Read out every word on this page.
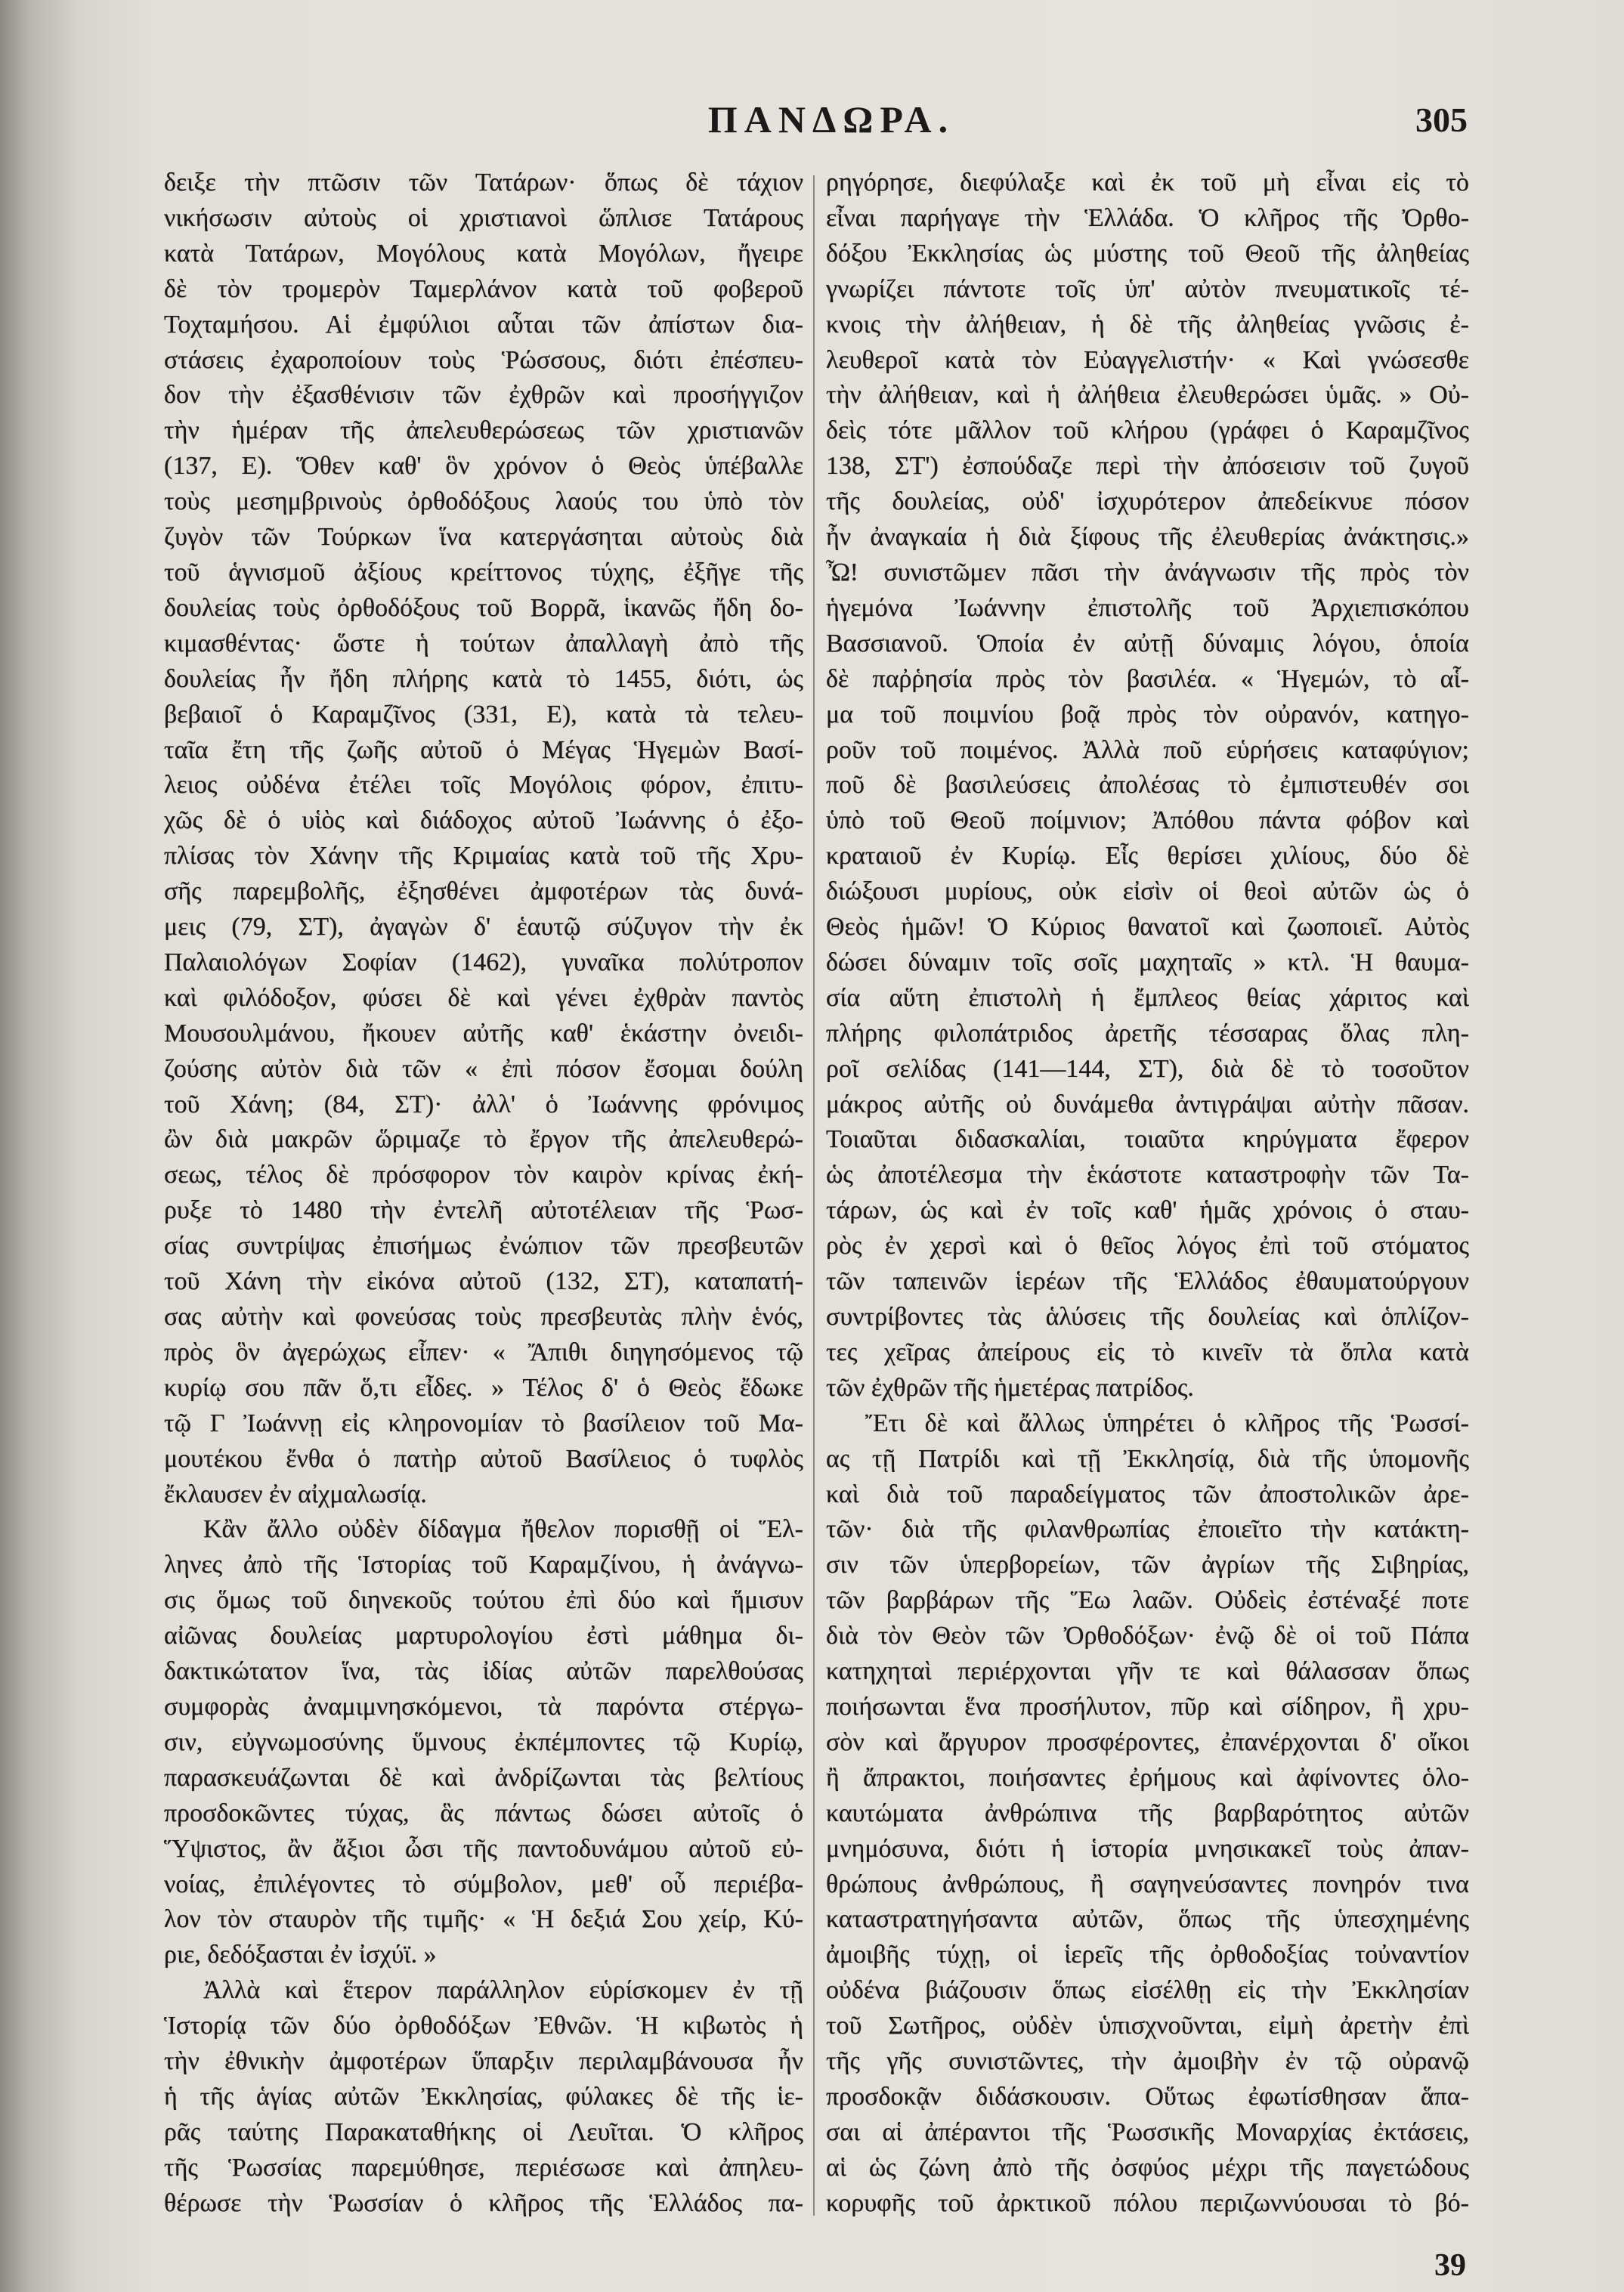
ΠΑΝΔΩΡΑ.	305
δειξε τὴν πτῶσιν τῶν Τατάρων· ὅπως δὲ τάχιον
νικήσωσιν αὐτοὺς οἱ χριστιανοὶ ὥπλισε Τατάρους
κατὰ Τατάρων, Μογόλους κατὰ Μογόλων, ἤγειρε
δὲ τὸν τρομερὸν Ταμερλάνον κατὰ τοῦ φοβεροῦ
Τοχταμήσου. Αἱ ἐμφύλιοι αὗται τῶν ἀπίστων δια-
στάσεις ἐχαροποίουν τοὺς Ῥώσσους, διότι ἐπέσπευ-
δον τὴν ἐξασθένισιν τῶν ἐχθρῶν καὶ προσήγγιζον
τὴν ἡμέραν τῆς ἀπελευθερώσεως τῶν χριστιανῶν
(137, Ε). Ὅθεν καθ' ὃν χρόνον ὁ Θεὸς ὑπέβαλλε
τοὺς μεσημβρινοὺς ὀρθοδόξους λαούς του ὑπὸ τὸν
ζυγὸν τῶν Τούρκων ἵνα κατεργάσηται αὐτοὺς διὰ
τοῦ ἁγνισμοῦ ἀξίους κρείττονος τύχης, ἐξῆγε τῆς
δουλείας τοὺς ὀρθοδόξους τοῦ Βορρᾶ, ἱκανῶς ἤδη δο-
κιμασθέντας· ὥστε ἡ τούτων ἀπαλλαγὴ ἀπὸ τῆς
δουλείας ἦν ἤδη πλήρης κατὰ τὸ 1455, διότι, ὡς
βεβαιοῖ ὁ Καραμζῖνος (331, Ε), κατὰ τὰ τελευ-
ταῖα ἔτη τῆς ζωῆς αὐτοῦ ὁ Μέγας Ἡγεμὼν Βασί-
λειος οὐδένα ἐτέλει τοῖς Μογόλοις φόρον, ἐπιτυ-
χῶς δὲ ὁ υἱὸς καὶ διάδοχος αὐτοῦ Ἰωάννης ὁ ἐξο-
πλίσας τὸν Χάνην τῆς Κριμαίας κατὰ τοῦ τῆς Χρυ-
σῆς παρεμβολῆς, ἐξησθένει ἀμφοτέρων τὰς δυνά-
μεις (79, ΣΤ), ἀγαγὼν δ' ἑαυτῷ σύζυγον τὴν ἐκ
Παλαιολόγων Σοφίαν (1462), γυναῖκα πολύτροπον
καὶ φιλόδοξον, φύσει δὲ καὶ γένει ἐχθρὰν παντὸς
Μουσουλμάνου, ἤκουεν αὐτῆς καθ' ἑκάστην ὀνειδι-
ζούσης αὐτὸν διὰ τῶν « ἐπὶ πόσον ἔσομαι δούλη
τοῦ Χάνη; (84, ΣΤ)· ἀλλ' ὁ Ἰωάννης φρόνιμος
ὢν διὰ μακρῶν ὥριμαζε τὸ ἔργον τῆς ἀπελευθερώ-
σεως, τέλος δὲ πρόσφορον τὸν καιρὸν κρίνας ἐκή-
ρυξε τὸ 1480 τὴν ἐντελῆ αὐτοτέλειαν τῆς Ῥωσ-
σίας συντρίψας ἐπισήμως ἐνώπιον τῶν πρεσβευτῶν
τοῦ Χάνη τὴν εἰκόνα αὐτοῦ (132, ΣΤ), καταπατή-
σας αὐτὴν καὶ φονεύσας τοὺς πρεσβευτὰς πλὴν ἑνός,
πρὸς ὃν ἀγερώχως εἶπεν· « Ἄπιθι διηγησόμενος τῷ
κυρίῳ σου πᾶν ὅ,τι εἶδες. » Τέλος δ' ὁ Θεὸς ἔδωκε
τῷ Γ Ἰωάννῃ εἰς κληρονομίαν τὸ βασίλειον τοῦ Μα-
μουτέκου ἔνθα ὁ πατὴρ αὐτοῦ Βασίλειος ὁ τυφλὸς
ἔκλαυσεν ἐν αἰχμαλωσίᾳ.
Κἂν ἄλλο οὐδὲν δίδαγμα ἤθελον πορισθῇ οἱ Ἕλ-
ληνες ἀπὸ τῆς Ἱστορίας τοῦ Καραμζίνου, ἡ ἀνάγνω-
σις ὅμως τοῦ διηνεκοῦς τούτου ἐπὶ δύο καὶ ἥμισυν
αἰῶνας δουλείας μαρτυρολογίου ἐστὶ μάθημα δι-
δακτικώτατον ἵνα, τὰς ἰδίας αὐτῶν παρελθούσας
συμφορὰς ἀναμιμνησκόμενοι, τὰ παρόντα στέργω-
σιν, εὐγνωμοσύνης ὕμνους ἐκπέμποντες τῷ Κυρίῳ,
παρασκευάζωνται δὲ καὶ ἀνδρίζωνται τὰς βελτίους
προσδοκῶντες τύχας, ἃς πάντως δώσει αὐτοῖς ὁ
Ὕψιστος, ἂν ἄξιοι ὦσι τῆς παντοδυνάμου αὐτοῦ εὐ-
νοίας, ἐπιλέγοντες τὸ σύμβολον, μεθ' οὗ περιέβα-
λον τὸν σταυρὸν τῆς τιμῆς· « Ἡ δεξιά Σου χείρ, Κύ-
ριε, δεδόξασται ἐν ἰσχύϊ. »
Ἀλλὰ καὶ ἕτερον παράλληλον εὑρίσκομεν ἐν τῇ
Ἱστορίᾳ τῶν δύο ὀρθοδόξων Ἐθνῶν. Ἡ κιβωτὸς ἡ
τὴν ἐθνικὴν ἀμφοτέρων ὕπαρξιν περιλαμβάνουσα ἦν
ἡ τῆς ἁγίας αὐτῶν Ἐκκλησίας, φύλακες δὲ τῆς ἱε-
ρᾶς ταύτης Παρακαταθήκης οἱ Λευῖται. Ὁ κλῆρος
τῆς Ῥωσσίας παρεμύθησε, περιέσωσε καὶ ἀπηλευ-
θέρωσε τὴν Ῥωσσίαν ὁ κλῆρος τῆς Ἑλλάδος πα-
ρηγόρησε, διεφύλαξε καὶ ἐκ τοῦ μὴ εἶναι εἰς τὸ
εἶναι παρήγαγε τὴν Ἑλλάδα. Ὁ κλῆρος τῆς Ὀρθο-
δόξου Ἐκκλησίας ὡς μύστης τοῦ Θεοῦ τῆς ἀληθείας
γνωρίζει πάντοτε τοῖς ὑπ' αὐτὸν πνευματικοῖς τέ-
κνοις τὴν ἀλήθειαν, ἡ δὲ τῆς ἀληθείας γνῶσις ἐ-
λευθεροῖ κατὰ τὸν Εὐαγγελιστήν· « Καὶ γνώσεσθε
τὴν ἀλήθειαν, καὶ ἡ ἀλήθεια ἐλευθερώσει ὑμᾶς. » Οὐ-
δεὶς τότε μᾶλλον τοῦ κλήρου (γράφει ὁ Καραμζῖνος
138, ΣΤ') ἐσπούδαζε περὶ τὴν ἀπόσεισιν τοῦ ζυγοῦ
τῆς δουλείας, οὐδ' ἰσχυρότερον ἀπεδείκνυε πόσον
ἦν ἀναγκαία ἡ διὰ ξίφους τῆς ἐλευθερίας ἀνάκτησις.»
Ὦ! συνιστῶμεν πᾶσι τὴν ἀνάγνωσιν τῆς πρὸς τὸν
ἡγεμόνα Ἰωάννην ἐπιστολῆς τοῦ Ἀρχιεπισκόπου
Βασσιανοῦ. Ὁποία ἐν αὐτῇ δύναμις λόγου, ὁποία
δὲ παῤῥησία πρὸς τὸν βασιλέα. « Ἡγεμών, τὸ αἷ-
μα τοῦ ποιμνίου βοᾷ πρὸς τὸν οὐρανόν, κατηγο-
ροῦν τοῦ ποιμένος. Ἀλλὰ ποῦ εὑρήσεις καταφύγιον;
ποῦ δὲ βασιλεύσεις ἀπολέσας τὸ ἐμπιστευθέν σοι
ὑπὸ τοῦ Θεοῦ ποίμνιον; Ἀπόθου πάντα φόβον καὶ
κραταιοῦ ἐν Κυρίῳ. Εἷς θερίσει χιλίους, δύο δὲ
διώξουσι μυρίους, οὐκ εἰσὶν οἱ θεοὶ αὐτῶν ὡς ὁ
Θεὸς ἡμῶν! Ὁ Κύριος θανατοῖ καὶ ζωοποιεῖ. Αὐτὸς
δώσει δύναμιν τοῖς σοῖς μαχηταῖς » κτλ. Ἡ θαυμα-
σία αὕτη ἐπιστολὴ ἡ ἔμπλεος θείας χάριτος καὶ
πλήρης φιλοπάτριδος ἀρετῆς τέσσαρας ὅλας πλη-
ροῖ σελίδας (141—144, ΣΤ), διὰ δὲ τὸ τοσοῦτον
μάκρος αὐτῆς οὐ δυνάμεθα ἀντιγράψαι αὐτὴν πᾶσαν.
Τοιαῦται διδασκαλίαι, τοιαῦτα κηρύγματα ἔφερον
ὡς ἀποτέλεσμα τὴν ἑκάστοτε καταστροφὴν τῶν Τα-
τάρων, ὡς καὶ ἐν τοῖς καθ' ἡμᾶς χρόνοις ὁ σταυ-
ρὸς ἐν χερσὶ καὶ ὁ θεῖος λόγος ἐπὶ τοῦ στόματος
τῶν ταπεινῶν ἱερέων τῆς Ἑλλάδος ἐθαυματούργουν
συντρίβοντες τὰς ἁλύσεις τῆς δουλείας καὶ ὁπλίζον-
τες χεῖρας ἀπείρους εἰς τὸ κινεῖν τὰ ὅπλα κατὰ
τῶν ἐχθρῶν τῆς ἡμετέρας πατρίδος.
Ἔτι δὲ καὶ ἄλλως ὑπηρέτει ὁ κλῆρος τῆς Ῥωσσί-
ας τῇ Πατρίδι καὶ τῇ Ἐκκλησίᾳ, διὰ τῆς ὑπομονῆς
καὶ διὰ τοῦ παραδείγματος τῶν ἀποστολικῶν ἀρε-
τῶν· διὰ τῆς φιλανθρωπίας ἐποιεῖτο τὴν κατάκτη-
σιν τῶν ὑπερβορείων, τῶν ἀγρίων τῆς Σιβηρίας,
τῶν βαρβάρων τῆς Ἕω λαῶν. Οὐδεὶς ἐστέναξέ ποτε
διὰ τὸν Θεὸν τῶν Ὀρθοδόξων· ἐνῷ δὲ οἱ τοῦ Πάπα
κατηχηταὶ περιέρχονται γῆν τε καὶ θάλασσαν ὅπως
ποιήσωνται ἕνα προσήλυτον, πῦρ καὶ σίδηρον, ἢ χρυ-
σὸν καὶ ἄργυρον προσφέροντες, ἐπανέρχονται δ' οἴκοι
ἢ ἄπρακτοι, ποιήσαντες ἐρήμους καὶ ἀφίνοντες ὁλο-
καυτώματα ἀνθρώπινα τῆς βαρβαρότητος αὐτῶν
μνημόσυνα, διότι ἡ ἱστορία μνησικακεῖ τοὺς ἀπαν-
θρώπους ἀνθρώπους, ἢ σαγηνεύσαντες πονηρόν τινα
καταστρατηγήσαντα αὐτῶν, ὅπως τῆς ὑπεσχημένης
ἀμοιβῆς τύχῃ, οἱ ἱερεῖς τῆς ὀρθοδοξίας τοὐναντίον
οὐδένα βιάζουσιν ὅπως εἰσέλθῃ εἰς τὴν Ἐκκλησίαν
τοῦ Σωτῆρος, οὐδὲν ὑπισχνοῦνται, εἰμὴ ἀρετὴν ἐπὶ
τῆς γῆς συνιστῶντες, τὴν ἀμοιβὴν ἐν τῷ οὐρανῷ
προσδοκᾷν διδάσκουσιν. Οὕτως ἐφωτίσθησαν ἅπα-
σαι αἱ ἀπέραντοι τῆς Ῥωσσικῆς Μοναρχίας ἐκτάσεις,
αἱ ὡς ζώνη ἀπὸ τῆς ὀσφύος μέχρι τῆς παγετώδους
κορυφῆς τοῦ ἀρκτικοῦ πόλου περιζωννύουσαι τὸ βό-
39
